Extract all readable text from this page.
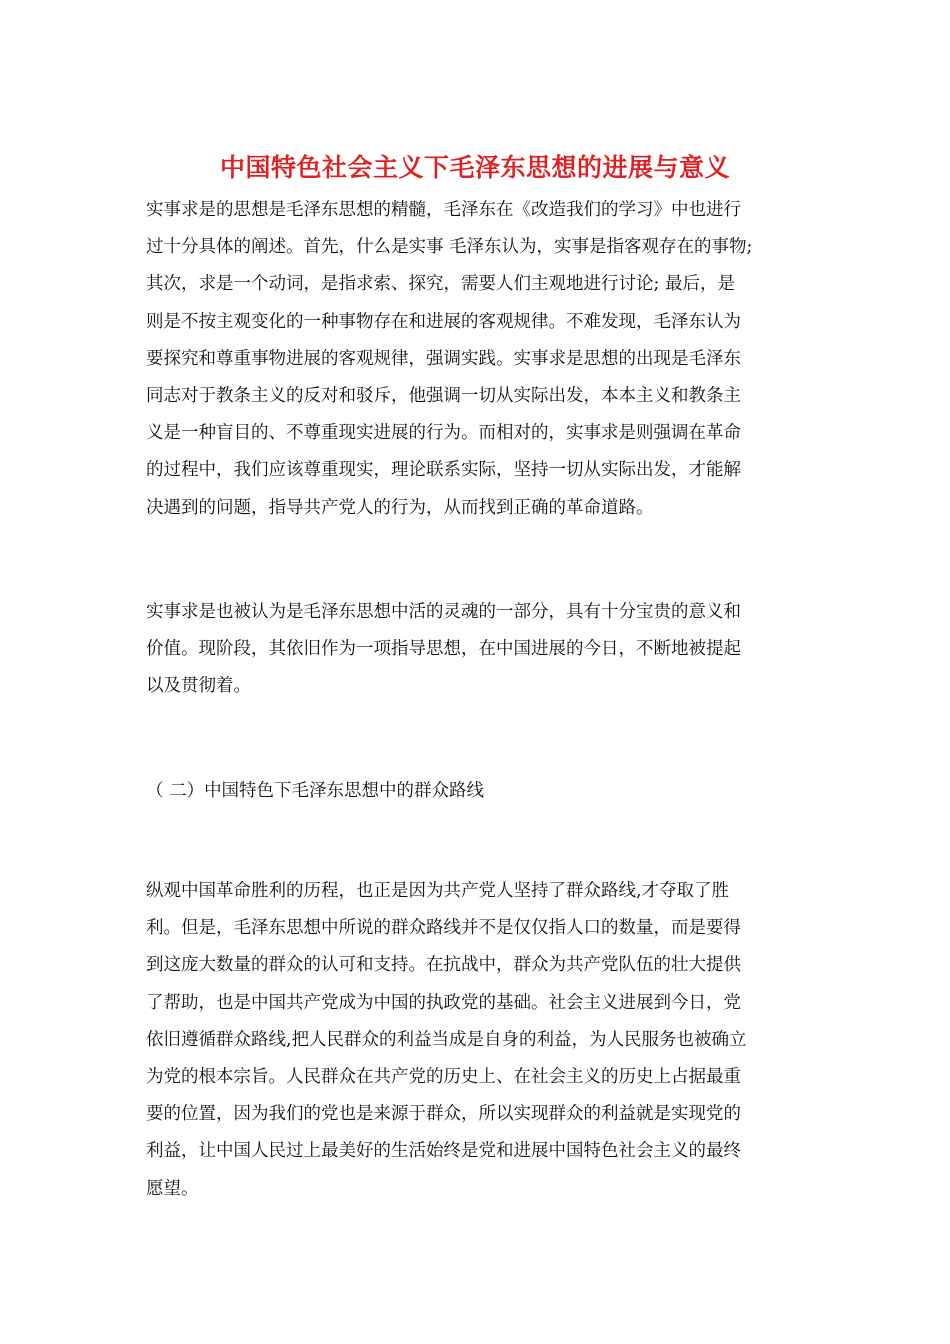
中国特色社会主义下毛泽东思想的进展与意义
实事求是的思想是毛泽东思想的精髓，毛泽东在《改造我们的学习》中也进行
过十分具体的阐述。首先，什么是实事 毛泽东认为，实事是指客观存在的事物;
其次，求是一个动词，是指求索、探究，需要人们主观地进行讨论; 最后，是
则是不按主观变化的一种事物存在和进展的客观规律。不难发现，毛泽东认为
要探究和尊重事物进展的客观规律，强调实践。实事求是思想的出现是毛泽东
同志对于教条主义的反对和驳斥，他强调一切从实际出发，本本主义和教条主
义是一种盲目的、不尊重现实进展的行为。而相对的，实事求是则强调在革命
的过程中，我们应该尊重现实，理论联系实际，坚持一切从实际出发，才能解
决遇到的问题，指导共产党人的行为，从而找到正确的革命道路。
实事求是也被认为是毛泽东思想中活的灵魂的一部分，具有十分宝贵的意义和
价值。现阶段，其依旧作为一项指导思想，在中国进展的今日，不断地被提起
以及贯彻着。
（ 二）中国特色下毛泽东思想中的群众路线
纵观中国革命胜利的历程，也正是因为共产党人坚持了群众路线,才夺取了胜
利。但是，毛泽东思想中所说的群众路线并不是仅仅指人口的数量，而是要得
到这庞大数量的群众的认可和支持。在抗战中，群众为共产党队伍的壮大提供
了帮助，也是中国共产党成为中国的执政党的基础。社会主义进展到今日，党
依旧遵循群众路线,把人民群众的利益当成是自身的利益，为人民服务也被确立
为党的根本宗旨。人民群众在共产党的历史上、在社会主义的历史上占据最重
要的位置，因为我们的党也是来源于群众，所以实现群众的利益就是实现党的
利益，让中国人民过上最美好的生活始终是党和进展中国特色社会主义的最终
愿望。
